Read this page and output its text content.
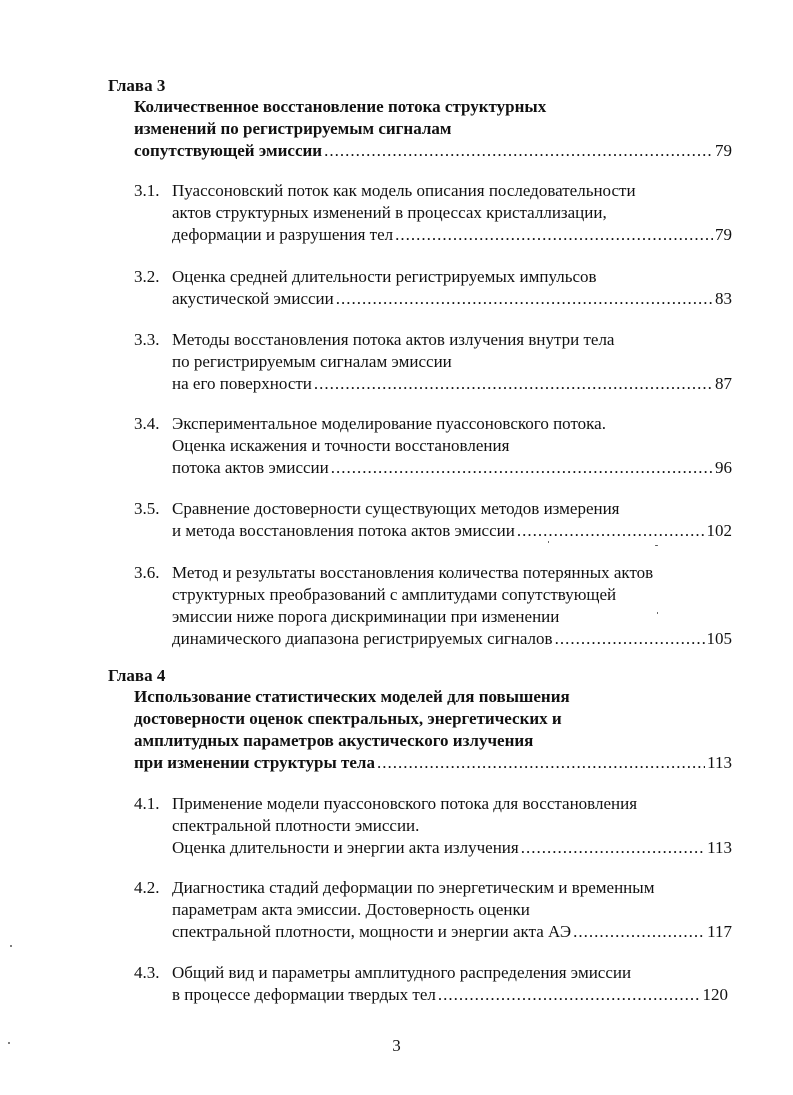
Глава 3
Количественное восстановление потока структурных
изменений по регистрируемым сигналам
сопутствующей эмиссии .....	79
3.1. Пуассоновский поток как модель описания последовательности
актов структурных изменений в процессах кристаллизации,
деформации и разрушения тел .....	79
3.2. Оценка средней длительности регистрируемых импульсов
акустической эмиссии .....	83
3.3. Методы восстановления потока актов излучения внутри тела
по регистрируемым сигналам эмиссии
на его поверхности .....	87
3.4. Экспериментальное моделирование пуассоновского потока.
Оценка искажения и точности восстановления
потока актов эмиссии .....	96
3.5. Сравнение достоверности существующих методов измерения
и метода восстановления потока актов эмиссии .....	102
3.6. Метод и результаты восстановления количества потерянных актов
структурных преобразований с амплитудами сопутствующей
эмиссии ниже порога дискриминации при изменении
динамического диапазона регистрируемых сигналов .....	105
Глава 4
Использование статистических моделей для повышения
достоверности оценок спектральных, энергетических и
амплитудных параметров акустического излучения
при изменении структуры тела .....	113
4.1. Применение модели пуассоновского потока для восстановления
спектральной плотности эмиссии.
Оценка длительности и энергии акта излучения .....	113
4.2. Диагностика стадий деформации по энергетическим и временным
параметрам акта эмиссии. Достоверность оценки
спектральной плотности, мощности и энергии акта АЭ .....	117
4.3. Общий вид и параметры амплитудного распределения эмиссии
в процессе деформации твердых тел .....	120
3
